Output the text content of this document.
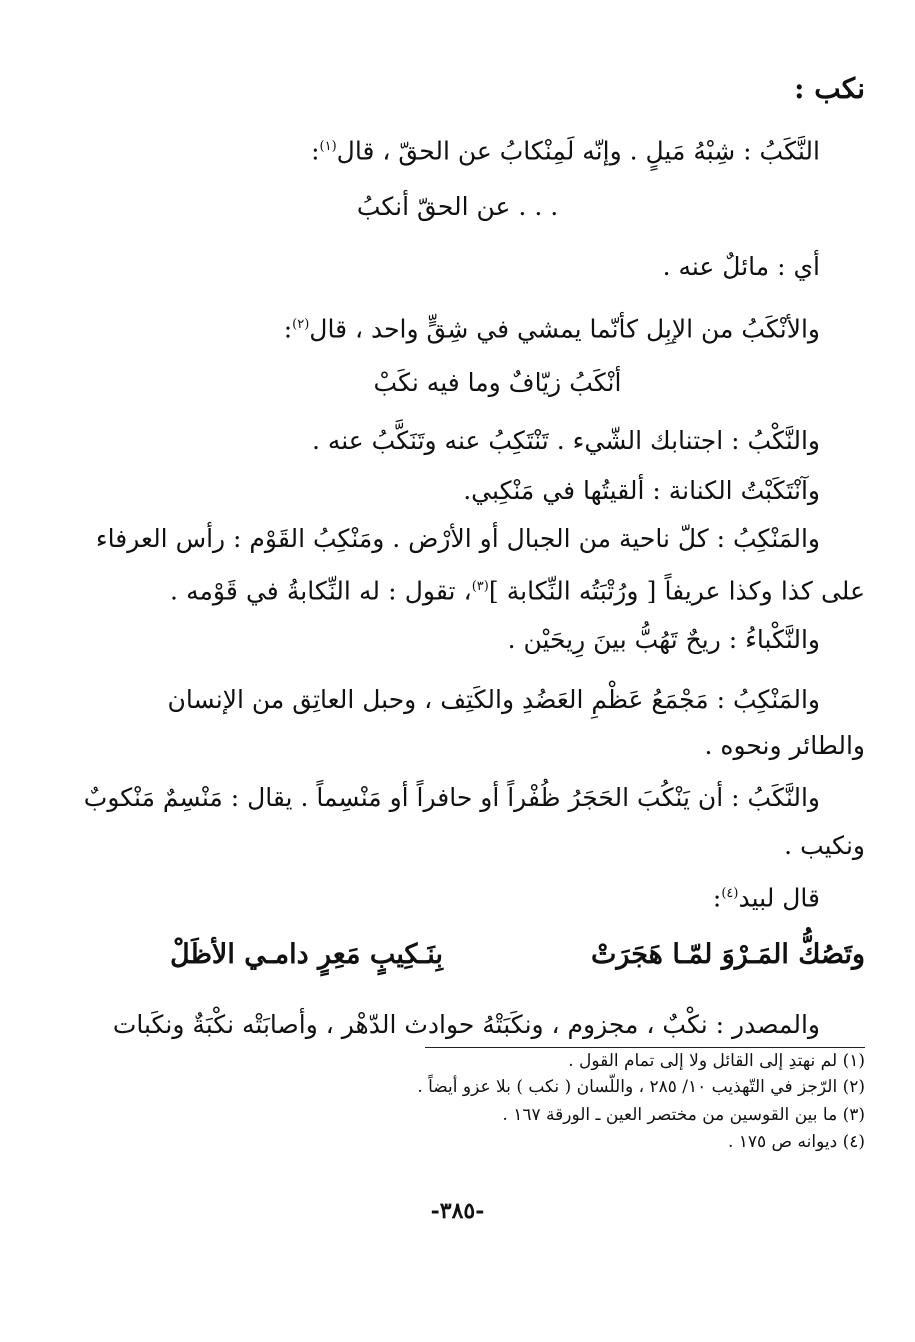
نكب :
النَّكَبُ : شِبْهُ مَيلٍ . وإنّه لَمِنْكابُ عن الحقّ ، قال$^{(١)}$:
. . . عن الحقّ أنكبُ
أي : مائلٌ عنه .
والأنْكَبُ من الإبِل كأنّما يمشي في شِقٍّ واحد ، قال$^{(٢)}$:
أنْكَبُ زيّافٌ وما فيه نكَبْ
والنَّكْبُ : اجتنابك الشّيء . تَنْتَكِبُ عنه وتَنَكَّبُ عنه .
وآنْتَكَبْتُ الكنانة : ألقيتُها في مَنْكِبي.
والمَنْكِبُ : كلّ ناحية من الجبال أو الأرْض . ومَنْكِبُ القَوْم : رأس العرفاء
على كذا وكذا عريفاً [ ورُتْبَتُه النِّكابة ]$^{(٣)}$، تقول : له النِّكابةُ في قَوْمه .
والنَّكْباءُ : ريحٌ تَهُبُّ بينَ رِيحَيْن .
والمَنْكِبُ : مَجْمَعُ عَظْمِ العَضُدِ والكَتِف ، وحبل العاتِق من الإنسان
والطائر ونحوه .
والنَّكَبُ : أن يَنْكُبَ الحَجَرُ ظُفْراً أو حافراً أو مَنْسِماً . يقال : مَنْسِمٌ مَنْكوبٌ
ونكيب .
قال لبيد$^{(٤)}$:
وتَصُكُّ المَـرْوَ لمّـا هَجَرَتْ
بِنَـكِيبٍ مَعِرٍ دامـي الأظَلْ
والمصدر : نكْبٌ ، مجزوم ، ونكَبَتْهُ حوادث الدّهْر ، وأصابَتْه نكْبَةٌ ونكَبات
(١) لم نهتدِ إلى القائل ولا إلى تمام القول .
(٢) الرّجز في التّهذيب ١٠/ ٢٨٥ ، واللّسان ( نكب ) بلا عزو أيضاً .
(٣) ما بين القوسين من مختصر العين ـ الورقة ١٦٧ .
(٤) ديوانه ص ١٧٥ .
-٣٨٥-
